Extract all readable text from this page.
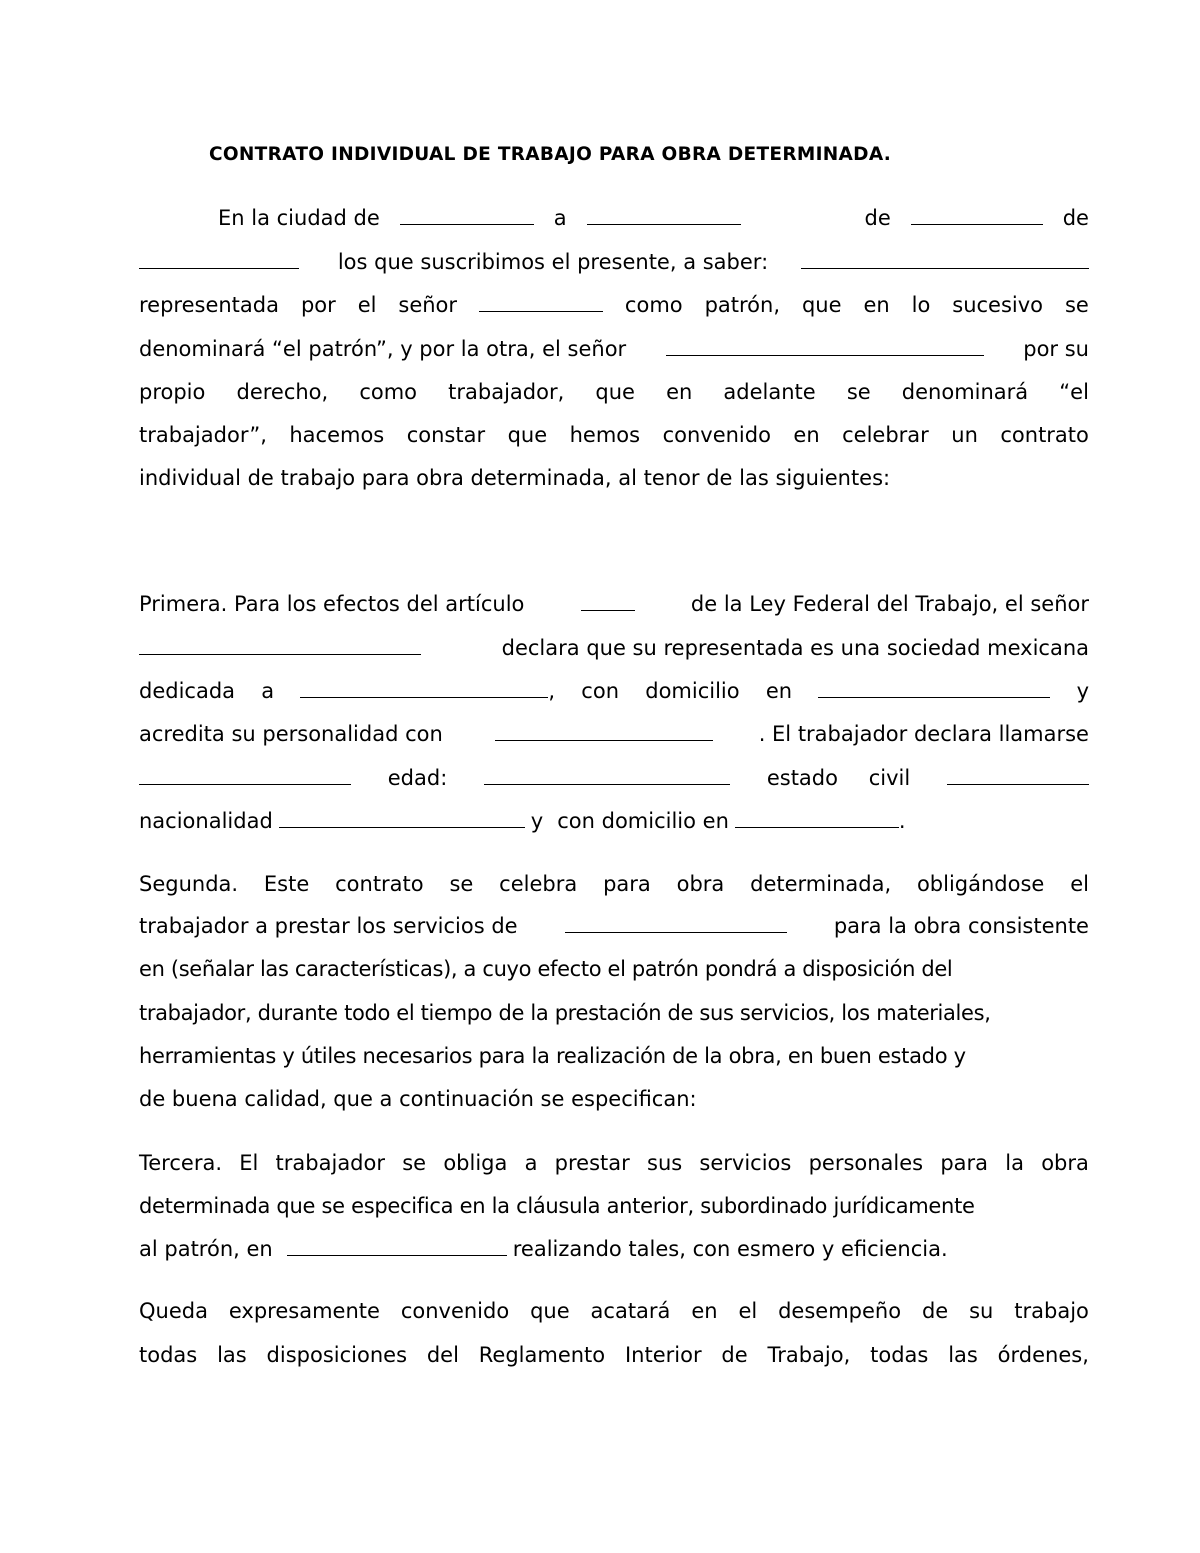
CONTRATO INDIVIDUAL DE TRABAJO PARA OBRA DETERMINADA.
En la ciudad de	a	de	de
los que suscribimos el presente, a saber:
representada por el señor	como patrón, que en lo sucesivo se
denominará “el patrón”, y por la otra, el señor	por su
propio derecho, como trabajador, que en adelante se denominará “el
trabajador”, hacemos constar que hemos convenido en celebrar un contrato
individual de trabajo para obra determinada, al tenor de las siguientes:
Primera. Para los efectos del artículo	de la Ley Federal del Trabajo, el señor
declara que su representada es una sociedad mexicana
dedicada a	, con domicilio en	y
acredita su personalidad con	. El trabajador declara llamarse
edad:	estado civil
nacionalidad	y con domicilio en	.
Segunda. Este contrato se celebra para obra determinada, obligándose el
trabajador a prestar los servicios de	para la obra consistente
en (señalar las características), a cuyo efecto el patrón pondrá a disposición del
trabajador, durante todo el tiempo de la prestación de sus servicios, los materiales,
herramientas y útiles necesarios para la realización de la obra, en buen estado y
de buena calidad, que a continuación se especifican:
Tercera. El trabajador se obliga a prestar sus servicios personales para la obra
determinada que se especifica en la cláusula anterior, subordinado jurídicamente
al patrón, en	realizando tales, con esmero y eficiencia.
Queda expresamente convenido que acatará en el desempeño de su trabajo
todas las disposiciones del Reglamento Interior de Trabajo, todas las órdenes,
